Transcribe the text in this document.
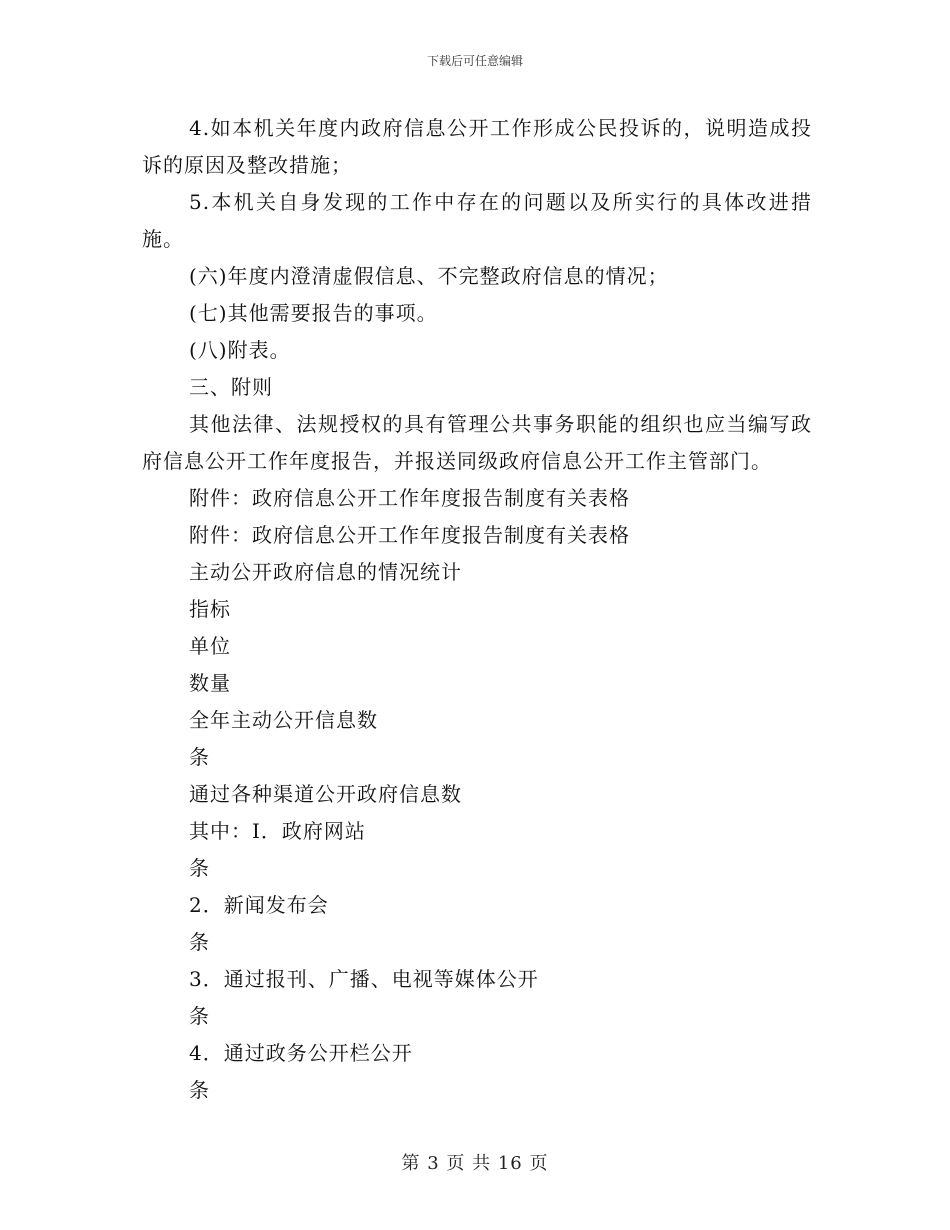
下载后可任意编辑
4.如本机关年度内政府信息公开工作形成公民投诉的，说明造成投诉的原因及整改措施；
5.本机关自身发现的工作中存在的问题以及所实行的具体改进措施。
(六)年度内澄清虚假信息、不完整政府信息的情况；
(七)其他需要报告的事项。
(八)附表。
三、附则
其他法律、法规授权的具有管理公共事务职能的组织也应当编写政府信息公开工作年度报告，并报送同级政府信息公开工作主管部门。
附件：政府信息公开工作年度报告制度有关表格
附件：政府信息公开工作年度报告制度有关表格
主动公开政府信息的情况统计
指标
单位
数量
全年主动公开信息数
条
通过各种渠道公开政府信息数
其中：I．政府网站
条
2．新闻发布会
条
3．通过报刊、广播、电视等媒体公开
条
4．通过政务公开栏公开
条
第 3 页 共 16 页
